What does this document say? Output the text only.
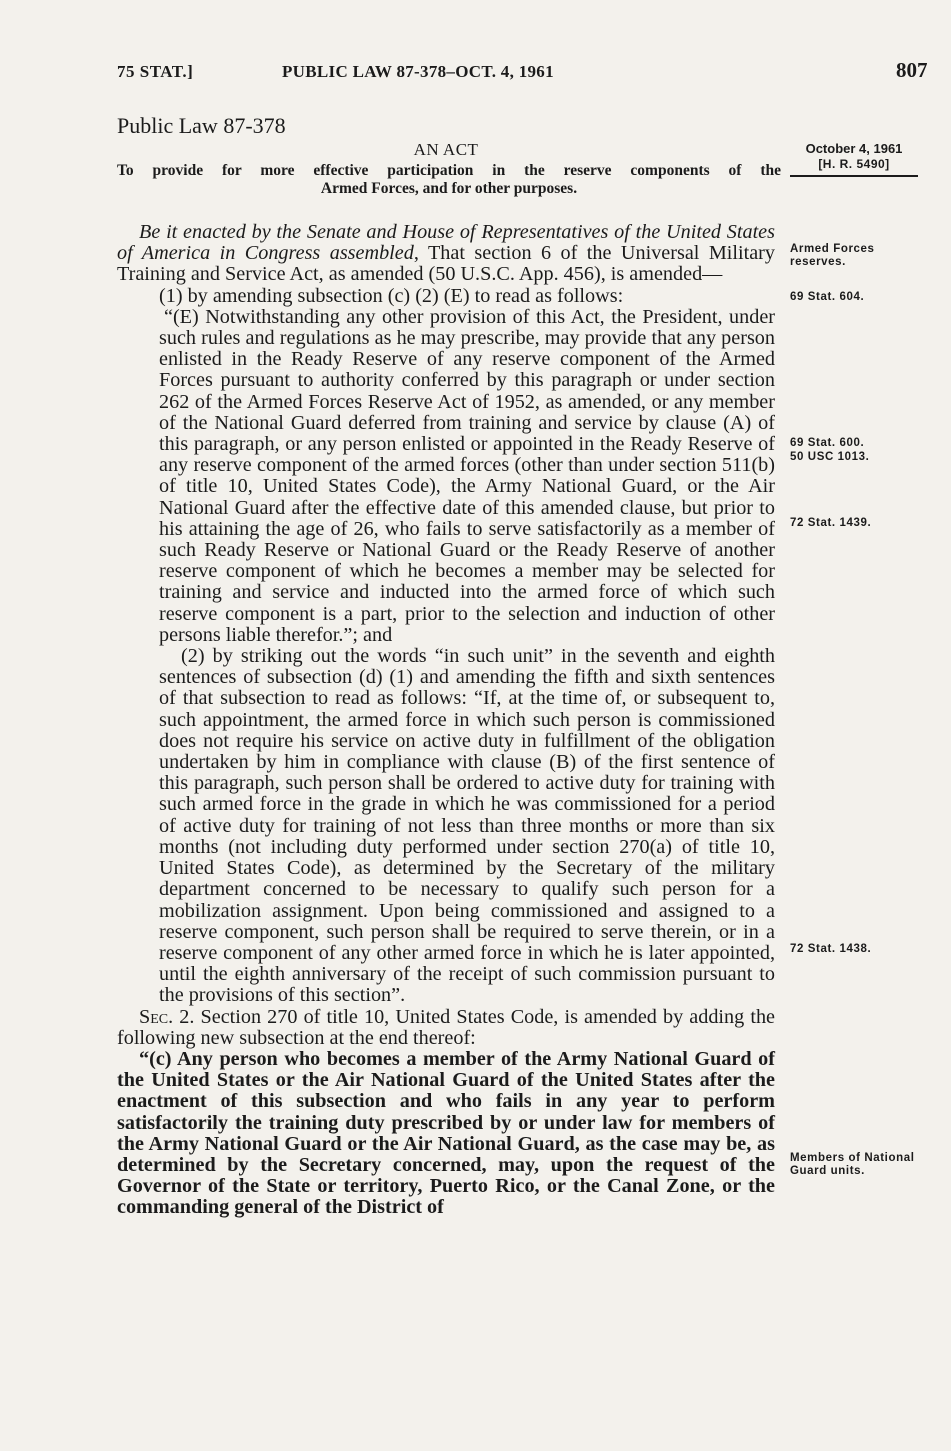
75 STAT.]	PUBLIC LAW 87-378–OCT. 4, 1961	807
Public Law 87-378
AN ACT
To provide for more effective participation in the reserve components of the
Armed Forces, and for other purposes.
October 4, 1961
[H. R. 5490]

Be it enacted by the Senate and House of Representatives of the United States of America in Congress assembled, That section 6 of the Universal Military Training and Service Act, as amended (50 U.S.C. App. 456), is amended—

(1) by amending subsection (c) (2) (E) to read as follows:

“(E) Notwithstanding any other provision of this Act, the President, under such rules and regulations as he may prescribe, may provide that any person enlisted in the Ready Reserve of any reserve component of the Armed Forces pursuant to authority conferred by this paragraph or under section 262 of the Armed Forces Reserve Act of 1952, as amended, or any member of the National Guard deferred from training and service by clause (A) of this paragraph, or any person enlisted or appointed in the Ready Reserve of any reserve component of the armed forces (other than under section 511(b) of title 10, United States Code), the Army National Guard, or the Air National Guard after the effective date of this amended clause, but prior to his attaining the age of 26, who fails to serve satisfactorily as a member of such Ready Reserve or National Guard or the Ready Reserve of another reserve component of which he becomes a member may be selected for training and service and inducted into the armed force of which such reserve component is a part, prior to the selection and induction of other persons liable therefor.”; and

(2) by striking out the words “in such unit” in the seventh and eighth sentences of subsection (d) (1) and amending the fifth and sixth sentences of that subsection to read as follows: “If, at the time of, or subsequent to, such appointment, the armed force in which such person is commissioned does not require his service on active duty in fulfillment of the obligation undertaken by him in compliance with clause (B) of the first sentence of this paragraph, such person shall be ordered to active duty for training with such armed force in the grade in which he was commissioned for a period of active duty for training of not less than three months or more than six months (not including duty performed under section 270(a) of title 10, United States Code), as determined by the Secretary of the military department concerned to be necessary to qualify such person for a mobilization assignment. Upon being commissioned and assigned to a reserve component, such person shall be required to serve therein, or in a reserve component of any other armed force in which he is later appointed, until the eighth anniversary of the receipt of such commission pursuant to the provisions of this section”.

Sec. 2. Section 270 of title 10, United States Code, is amended by adding the following new subsection at the end thereof:

“(c) Any person who becomes a member of the Army National Guard of the United States or the Air National Guard of the United States after the enactment of this subsection and who fails in any year to perform satisfactorily the training duty prescribed by or under law for members of the Army National Guard or the Air National Guard, as the case may be, as determined by the Secretary concerned, may, upon the request of the Governor of the State or territory, Puerto Rico, or the Canal Zone, or the commanding general of the District of

Armed Forces reserves.
69 Stat. 604.
69 Stat. 600.
50 USC 1013.
72 Stat. 1439.
72 Stat. 1438.
Members of National Guard units.
